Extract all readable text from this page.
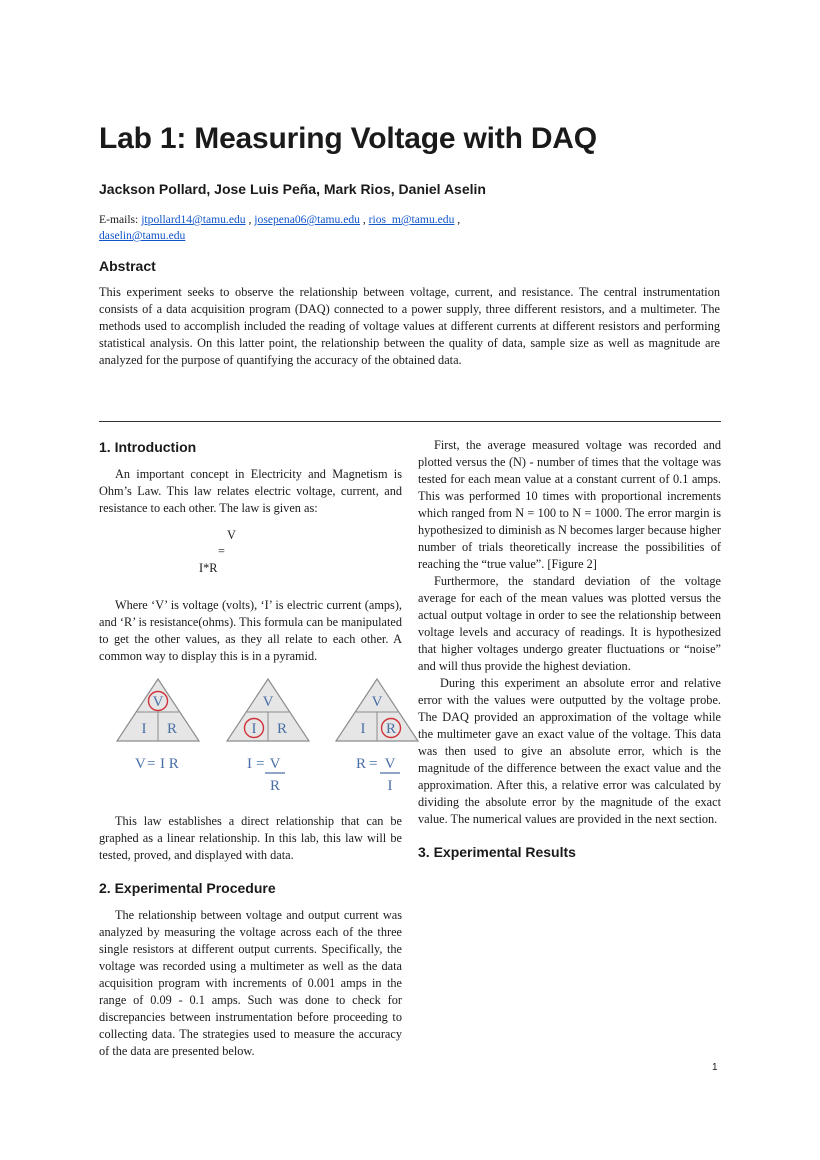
Lab 1: Measuring Voltage with DAQ
Jackson Pollard, Jose Luis Peña, Mark Rios, Daniel Aselin
E-mails: jtpollard14@tamu.edu , josepena06@tamu.edu , rios_m@tamu.edu ,
daselin@tamu.edu
Abstract
This experiment seeks to observe the relationship between voltage, current, and resistance. The central instrumentation consists of a data acquisition program (DAQ) connected to a power supply, three different resistors, and a multimeter. The methods used to accomplish included the reading of voltage values at different currents at different resistors and performing statistical analysis. On this latter point, the relationship between the quality of data, sample size as well as magnitude are analyzed for the purpose of quantifying the accuracy of the obtained data.
1. Introduction

An important concept in Electricity and Magnetism is Ohm’s Law. This law relates electric voltage, current, and resistance to each other. The law is given as:

V
=
I*R

Where ‘V’ is voltage (volts), ‘I’ is electric current (amps), and ‘R’ is resistance(ohms). This formula can be manipulated to get the other values, as they all relate to each other. A common way to display this is in a pyramid.

V
I R
V = I R
V
I R
I = V
R
V
I R
R = V
I

This law establishes a direct relationship that can be graphed as a linear relationship. In this lab, this law will be tested, proved, and displayed with data.

2. Experimental Procedure

The relationship between voltage and output current was analyzed by measuring the voltage across each of the three single resistors at different output currents. Specifically, the voltage was recorded using a multimeter as well as the data acquisition program with increments of 0.001 amps in the range of 0.09 - 0.1 amps. Such was done to check for discrepancies between instrumentation before proceeding to collecting data. The strategies used to measure the accuracy of the data are presented below.

First, the average measured voltage was recorded and plotted versus the (N) - number of times that the voltage was tested for each mean value at a constant current of 0.1 amps. This was performed 10 times with proportional increments which ranged from N = 100 to N = 1000. The error margin is hypothesized to diminish as N becomes larger because higher number of trials theoretically increase the possibilities of reaching the “true value”. [Figure 2]

Furthermore, the standard deviation of the voltage average for each of the mean values was plotted versus the actual output voltage in order to see the relationship between voltage levels and accuracy of readings. It is hypothesized that higher voltages undergo greater fluctuations or “noise” and will thus provide the highest deviation.

During this experiment an absolute error and relative error with the values were outputted by the voltage probe. The DAQ provided an approximation of the voltage while the multimeter gave an exact value of the voltage. This data was then used to give an absolute error, which is the magnitude of the difference between the exact value and the approximation. After this, a relative error was calculated by dividing the absolute error by the magnitude of the exact value. The numerical values are provided in the next section.

3. Experimental Results
1
